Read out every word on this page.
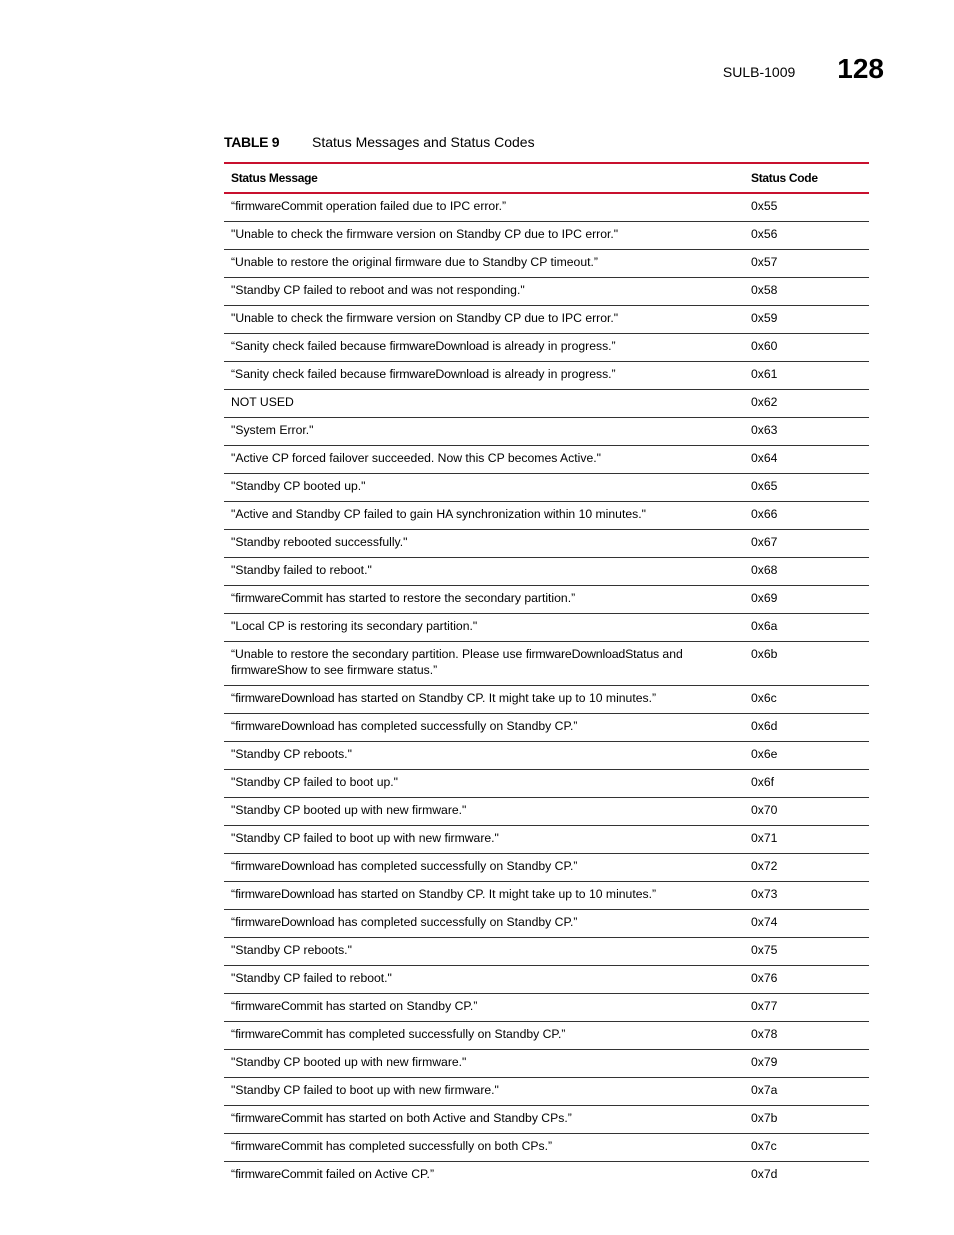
SULB-1009 128
TABLE 9	Status Messages and Status Codes
Status Message	Status Code
“firmwareCommit operation failed due to IPC error.”	0x55
"Unable to check the firmware version on Standby CP due to IPC error."	0x56
“Unable to restore the original firmware due to Standby CP timeout.”	0x57
"Standby CP failed to reboot and was not responding."	0x58
"Unable to check the firmware version on Standby CP due to IPC error."	0x59
“Sanity check failed because firmwareDownload is already in progress.”	0x60
“Sanity check failed because firmwareDownload is already in progress.”	0x61
NOT USED	0x62
"System Error."	0x63
"Active CP forced failover succeeded. Now this CP becomes Active."	0x64
"Standby CP booted up."	0x65
"Active and Standby CP failed to gain HA synchronization within 10 minutes."	0x66
"Standby rebooted successfully."	0x67
"Standby failed to reboot."	0x68
“firmwareCommit has started to restore the secondary partition.”	0x69
"Local CP is restoring its secondary partition."	0x6a
“Unable to restore the secondary partition. Please use firmwareDownloadStatus and firmwareShow to see firmware status.”	0x6b
“firmwareDownload has started on Standby CP. It might take up to 10 minutes.”	0x6c
“firmwareDownload has completed successfully on Standby CP.”	0x6d
"Standby CP reboots."	0x6e
"Standby CP failed to boot up."	0x6f
"Standby CP booted up with new firmware."	0x70
"Standby CP failed to boot up with new firmware."	0x71
“firmwareDownload has completed successfully on Standby CP.”	0x72
“firmwareDownload has started on Standby CP. It might take up to 10 minutes.”	0x73
“firmwareDownload has completed successfully on Standby CP.”	0x74
"Standby CP reboots."	0x75
"Standby CP failed to reboot."	0x76
“firmwareCommit has started on Standby CP.”	0x77
“firmwareCommit has completed successfully on Standby CP.”	0x78
"Standby CP booted up with new firmware."	0x79
"Standby CP failed to boot up with new firmware."	0x7a
“firmwareCommit has started on both Active and Standby CPs.”	0x7b
“firmwareCommit has completed successfully on both CPs.”	0x7c
“firmwareCommit failed on Active CP.”	0x7d
